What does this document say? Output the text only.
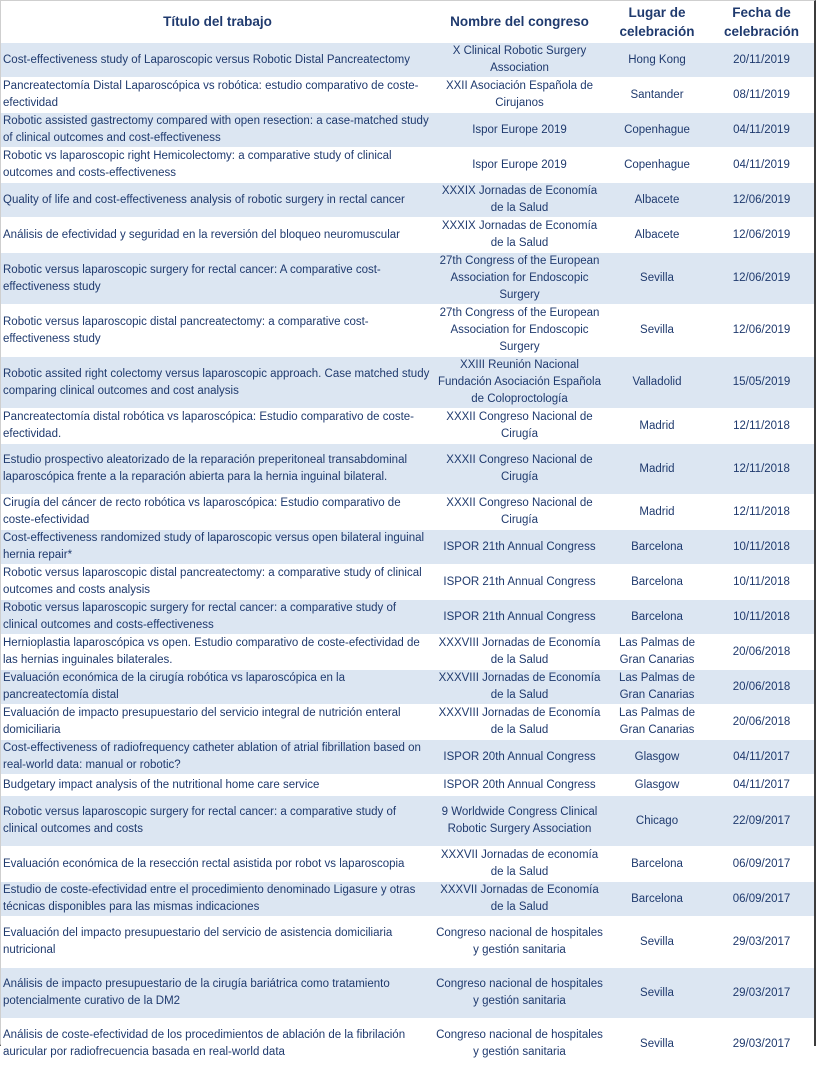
Título del trabajo	Nombre del congreso	Lugar de celebración	Fecha de celebración
Cost-effectiveness study of Laparoscopic versus Robotic Distal Pancreatectomy	X Clinical Robotic Surgery Association	Hong Kong	20/11/2019
Pancreatectomía Distal Laparoscópica vs robótica: estudio comparativo de coste-efectividad	XXII Asociación Española de Cirujanos	Santander	08/11/2019
Robotic assisted gastrectomy compared with open resection: a case-matched study of clinical outcomes and cost-effectiveness	Ispor Europe 2019	Copenhague	04/11/2019
Robotic vs laparoscopic right Hemicolectomy: a comparative study of clinical outcomes and costs-effectiveness	Ispor Europe 2019	Copenhague	04/11/2019
Quality of life and cost-effectiveness analysis of robotic surgery in rectal cancer	XXXIX Jornadas de Economía de la Salud	Albacete	12/06/2019
Análisis de efectividad y seguridad en la reversión del bloqueo neuromuscular	XXXIX Jornadas de Economía de la Salud	Albacete	12/06/2019
Robotic versus laparoscopic surgery for rectal cancer: A comparative cost-effectiveness study	27th Congress of the European Association for Endoscopic Surgery	Sevilla	12/06/2019
Robotic versus laparoscopic distal pancreatectomy: a comparative cost-effectiveness study	27th Congress of the European Association for Endoscopic Surgery	Sevilla	12/06/2019
Robotic assited right colectomy versus laparoscopic approach. Case matched study comparing clinical outcomes and cost analysis	XXIII Reunión Nacional Fundación Asociación Española de Coloproctología	Valladolid	15/05/2019
Pancreatectomía distal robótica vs laparoscópica: Estudio comparativo de coste-efectividad.	XXXII Congreso Nacional de Cirugía	Madrid	12/11/2018
Estudio prospectivo aleatorizado de la reparación preperitoneal transabdominal laparoscópica frente a la reparación abierta para la hernia inguinal bilateral.	XXXII Congreso Nacional de Cirugía	Madrid	12/11/2018
Cirugía del cáncer de recto robótica vs laparoscópica: Estudio comparativo de coste-efectividad	XXXII Congreso Nacional de Cirugía	Madrid	12/11/2018
Cost-effectiveness randomized study of laparoscopic versus open bilateral inguinal hernia repair*	ISPOR 21th Annual Congress	Barcelona	10/11/2018
Robotic versus laparoscopic distal pancreatectomy: a comparative study of clinical outcomes and costs analysis	ISPOR 21th Annual Congress	Barcelona	10/11/2018
Robotic versus laparoscopic surgery for rectal cancer: a comparative study of clinical outcomes and costs-effectiveness	ISPOR 21th Annual Congress	Barcelona	10/11/2018
Hernioplastia laparoscópica vs open. Estudio comparativo de coste-efectividad de las hernias inguinales bilaterales.	XXXVIII Jornadas de Economía de la Salud	Las Palmas de Gran Canarias	20/06/2018
Evaluación económica de la cirugía robótica vs laparoscópica en la pancreatectomía distal	XXXVIII Jornadas de Economía de la Salud	Las Palmas de Gran Canarias	20/06/2018
Evaluación de impacto presupuestario del servicio integral de nutrición enteral domiciliaria	XXXVIII Jornadas de Economía de la Salud	Las Palmas de Gran Canarias	20/06/2018
Cost-effectiveness of radiofrequency catheter ablation of atrial fibrillation based on real-world data: manual or robotic?	ISPOR 20th Annual Congress	Glasgow	04/11/2017
Budgetary impact analysis of the nutritional home care service	ISPOR 20th Annual Congress	Glasgow	04/11/2017
Robotic versus laparoscopic surgery for rectal cancer: a comparative study of clinical outcomes and costs	9 Worldwide Congress Clinical Robotic Surgery Association	Chicago	22/09/2017
Evaluación económica de la resección rectal asistida por robot vs laparoscopia	XXXVII Jornadas de economía de la Salud	Barcelona	06/09/2017
Estudio de coste-efectividad entre el procedimiento denominado Ligasure y otras técnicas disponibles para las mismas indicaciones	XXXVII Jornadas de Economía de la Salud	Barcelona	06/09/2017
Evaluación del impacto presupuestario del servicio de asistencia domiciliaria nutricional	Congreso nacional de hospitales y gestión sanitaria	Sevilla	29/03/2017
Análisis de impacto presupuestario de la cirugía bariátrica como tratamiento potencialmente curativo de la DM2	Congreso nacional de hospitales y gestión sanitaria	Sevilla	29/03/2017
Análisis de coste-efectividad de los procedimientos de ablación de la fibrilación auricular por radiofrecuencia basada en real-world data	Congreso nacional de hospitales y gestión sanitaria	Sevilla	29/03/2017
